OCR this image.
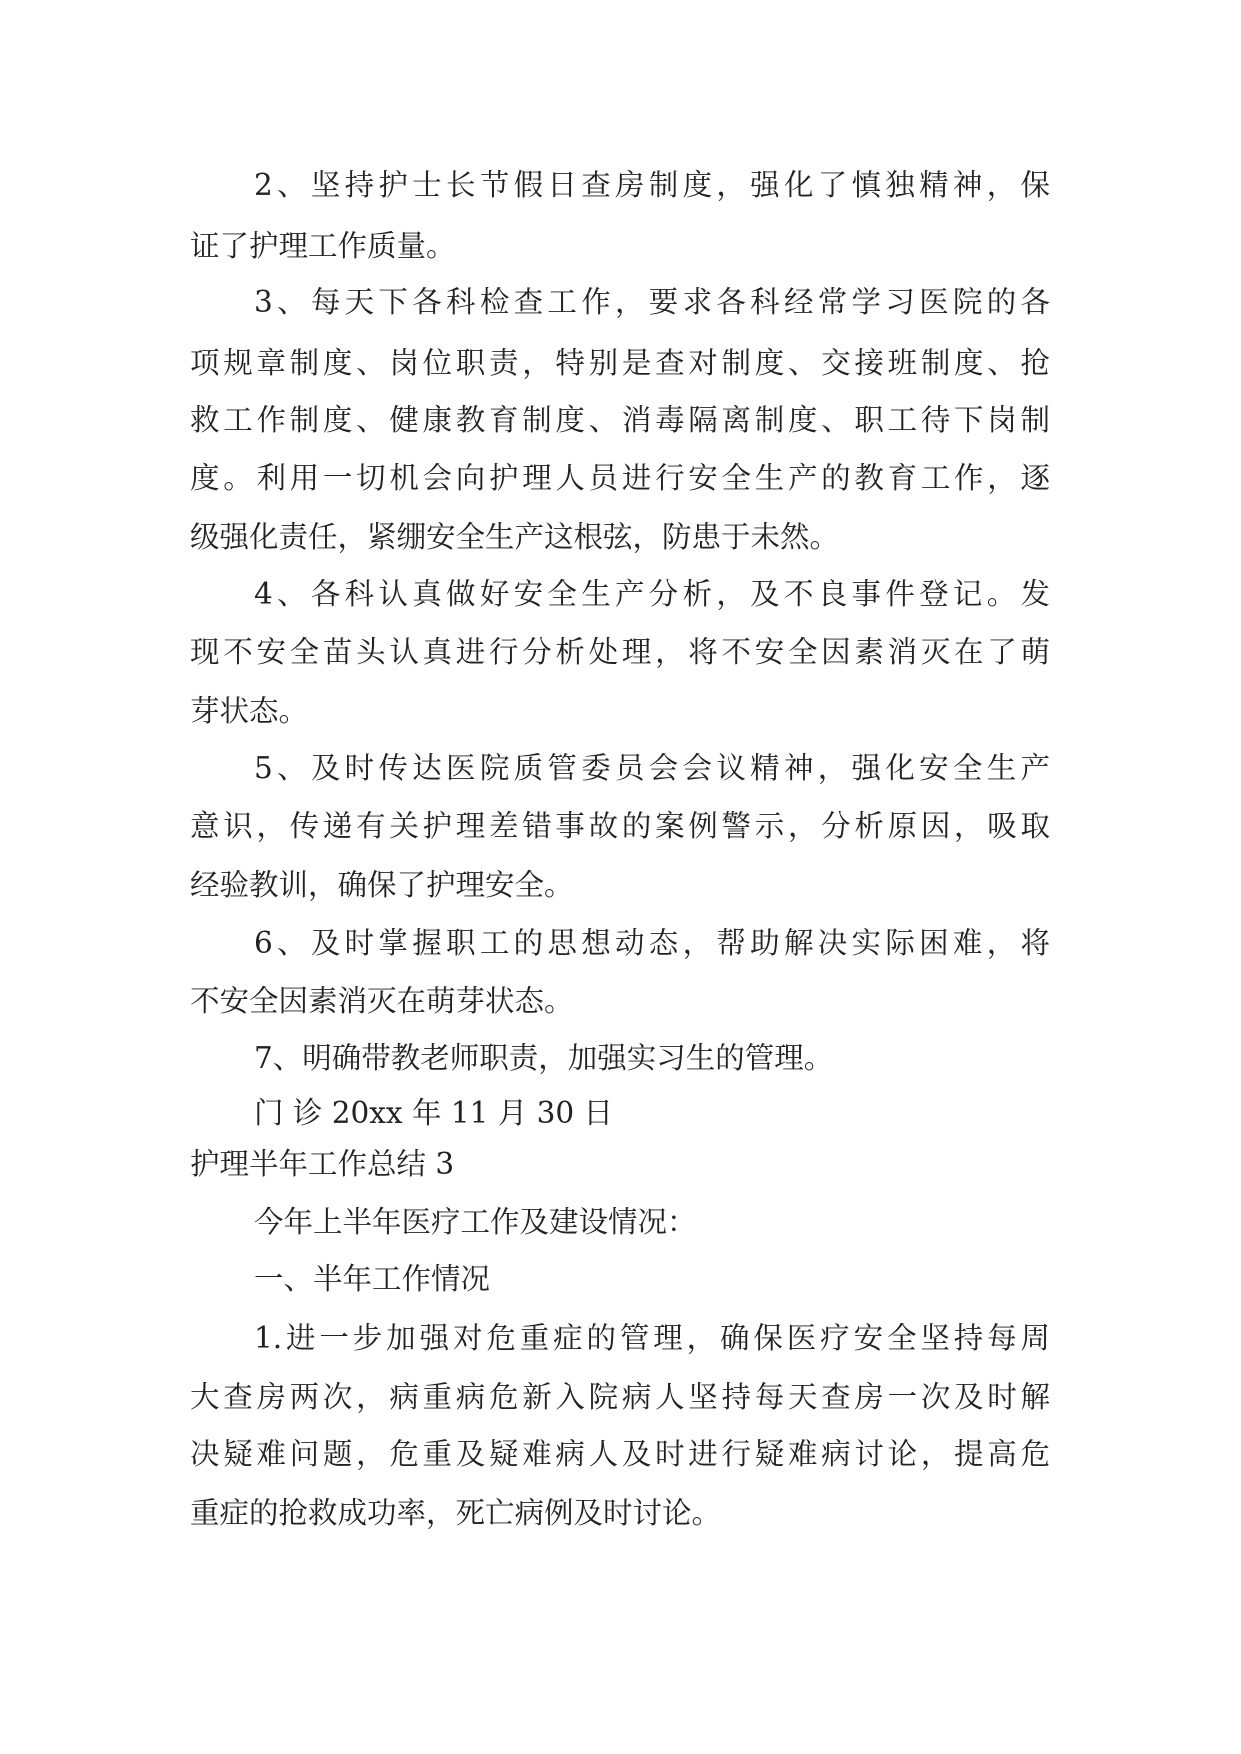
2、坚持护士长节假日查房制度，强化了慎独精神，保
证了护理工作质量。
3、每天下各科检查工作，要求各科经常学习医院的各
项规章制度、岗位职责，特别是查对制度、交接班制度、抢
救工作制度、健康教育制度、消毒隔离制度、职工待下岗制
度。利用一切机会向护理人员进行安全生产的教育工作，逐
级强化责任，紧绷安全生产这根弦，防患于未然。
4、各科认真做好安全生产分析，及不良事件登记。发
现不安全苗头认真进行分析处理，将不安全因素消灭在了萌
芽状态。
5、及时传达医院质管委员会会议精神，强化安全生产
意识，传递有关护理差错事故的案例警示，分析原因，吸取
经验教训，确保了护理安全。
6、及时掌握职工的思想动态，帮助解决实际困难，将
不安全因素消灭在萌芽状态。
7、明确带教老师职责，加强实习生的管理。
门 诊 20xx 年 11 月 30 日
护理半年工作总结 3
今年上半年医疗工作及建设情况：
一、半年工作情况
1.进一步加强对危重症的管理，确保医疗安全坚持每周
大查房两次，病重病危新入院病人坚持每天查房一次及时解
决疑难问题，危重及疑难病人及时进行疑难病讨论，提高危
重症的抢救成功率，死亡病例及时讨论。
